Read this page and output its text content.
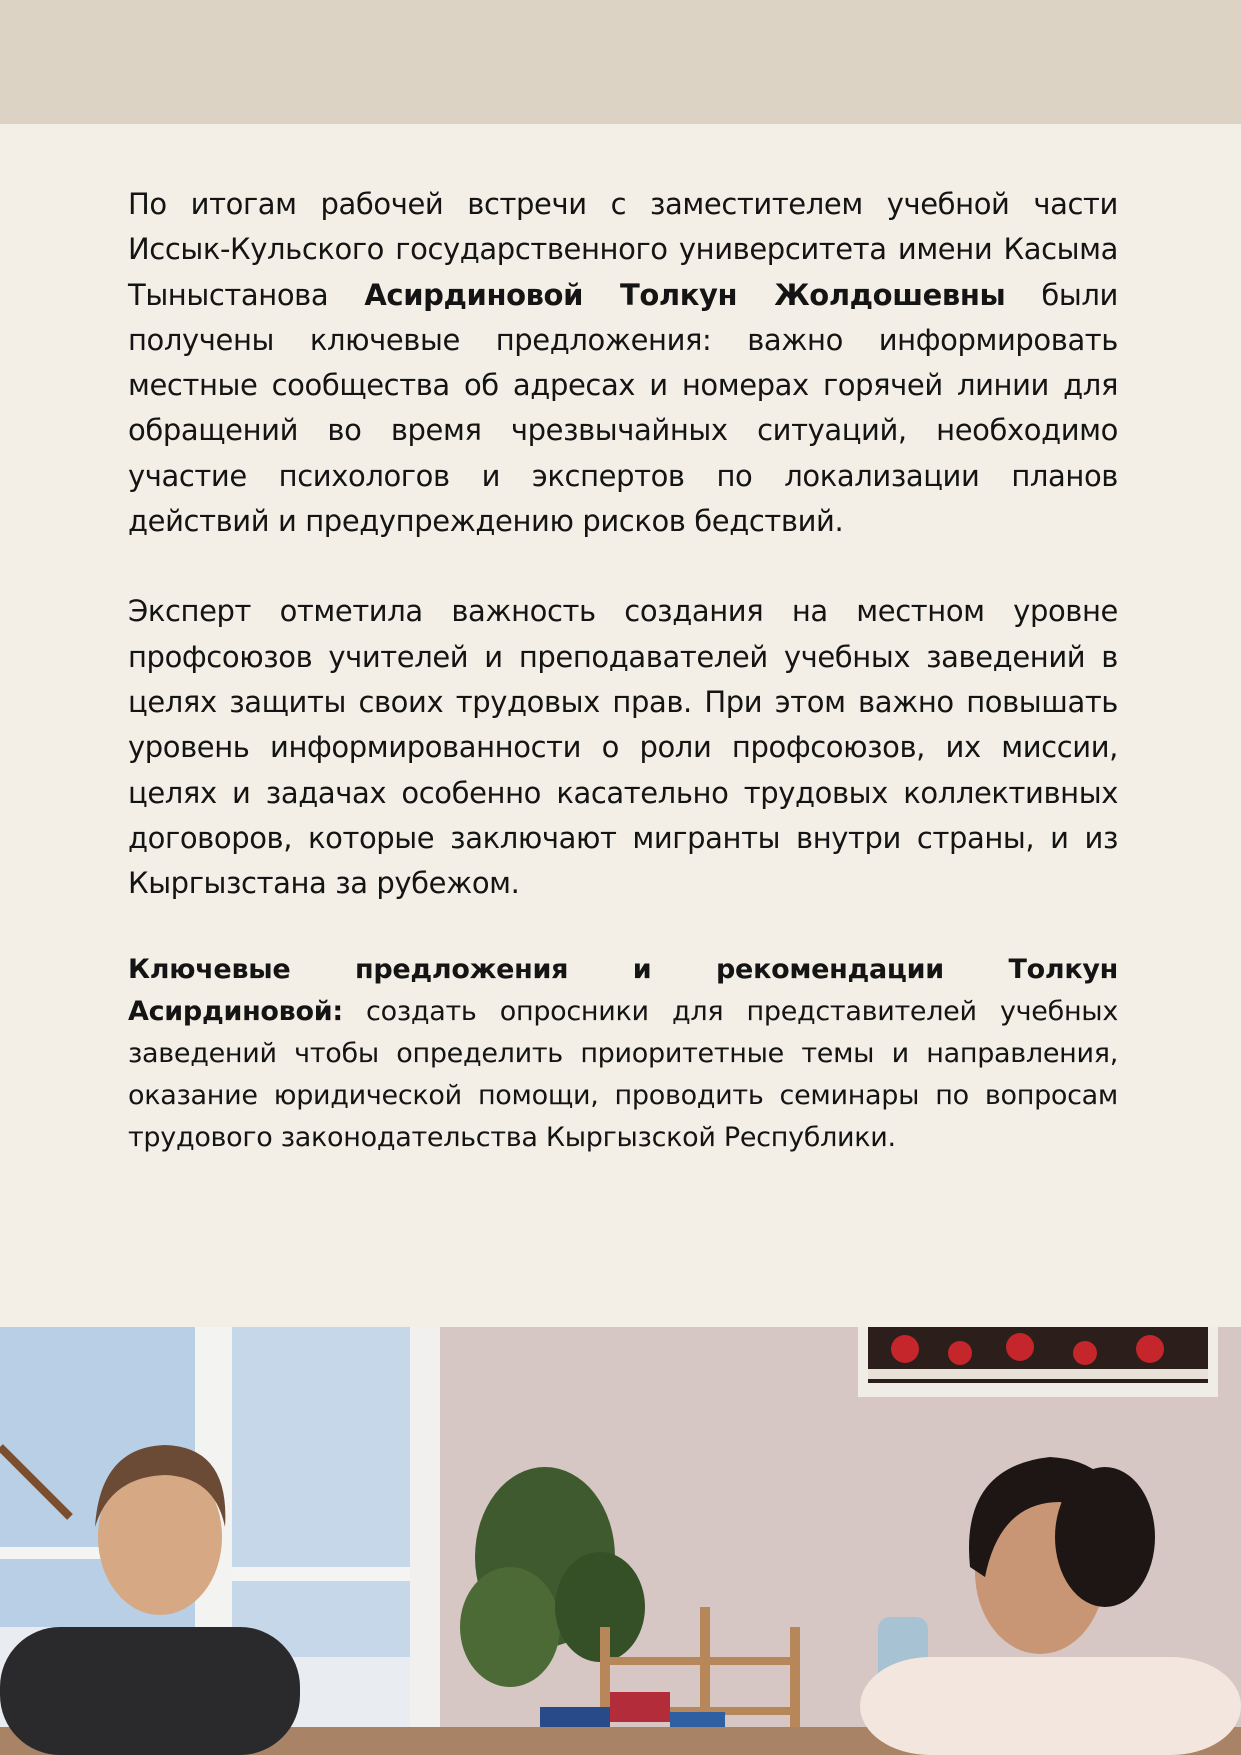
По итогам рабочей встречи с заместителем учебной части Иссык-Кульского государственного университета имени Касыма Тыныстанова Асирдиновой Толкун Жолдошевны были получены ключевые предложения: важно информировать местные сообщества об адресах и номерах горячей линии для обращений во время чрезвычайных ситуаций, необходимо участие психологов и экспертов по локализации планов действий и предупреждению рисков бедствий.

Эксперт отметила важность создания на местном уровне профсоюзов учителей и преподавателей учебных заведений в целях защиты своих трудовых прав. При этом важно повышать уровень информированности о роли профсоюзов, их миссии, целях и задачах особенно касательно трудовых коллективных договоров, которые заключают мигранты внутри страны, и из Кыргызстана за рубежом.

Ключевые предложения и рекомендации Толкун Асирдиновой: создать опросники для представителей учебных заведений чтобы определить приоритетные темы и направления, оказание юридической помощи, проводить семинары по вопросам трудового законодательства Кыргызской Республики.
